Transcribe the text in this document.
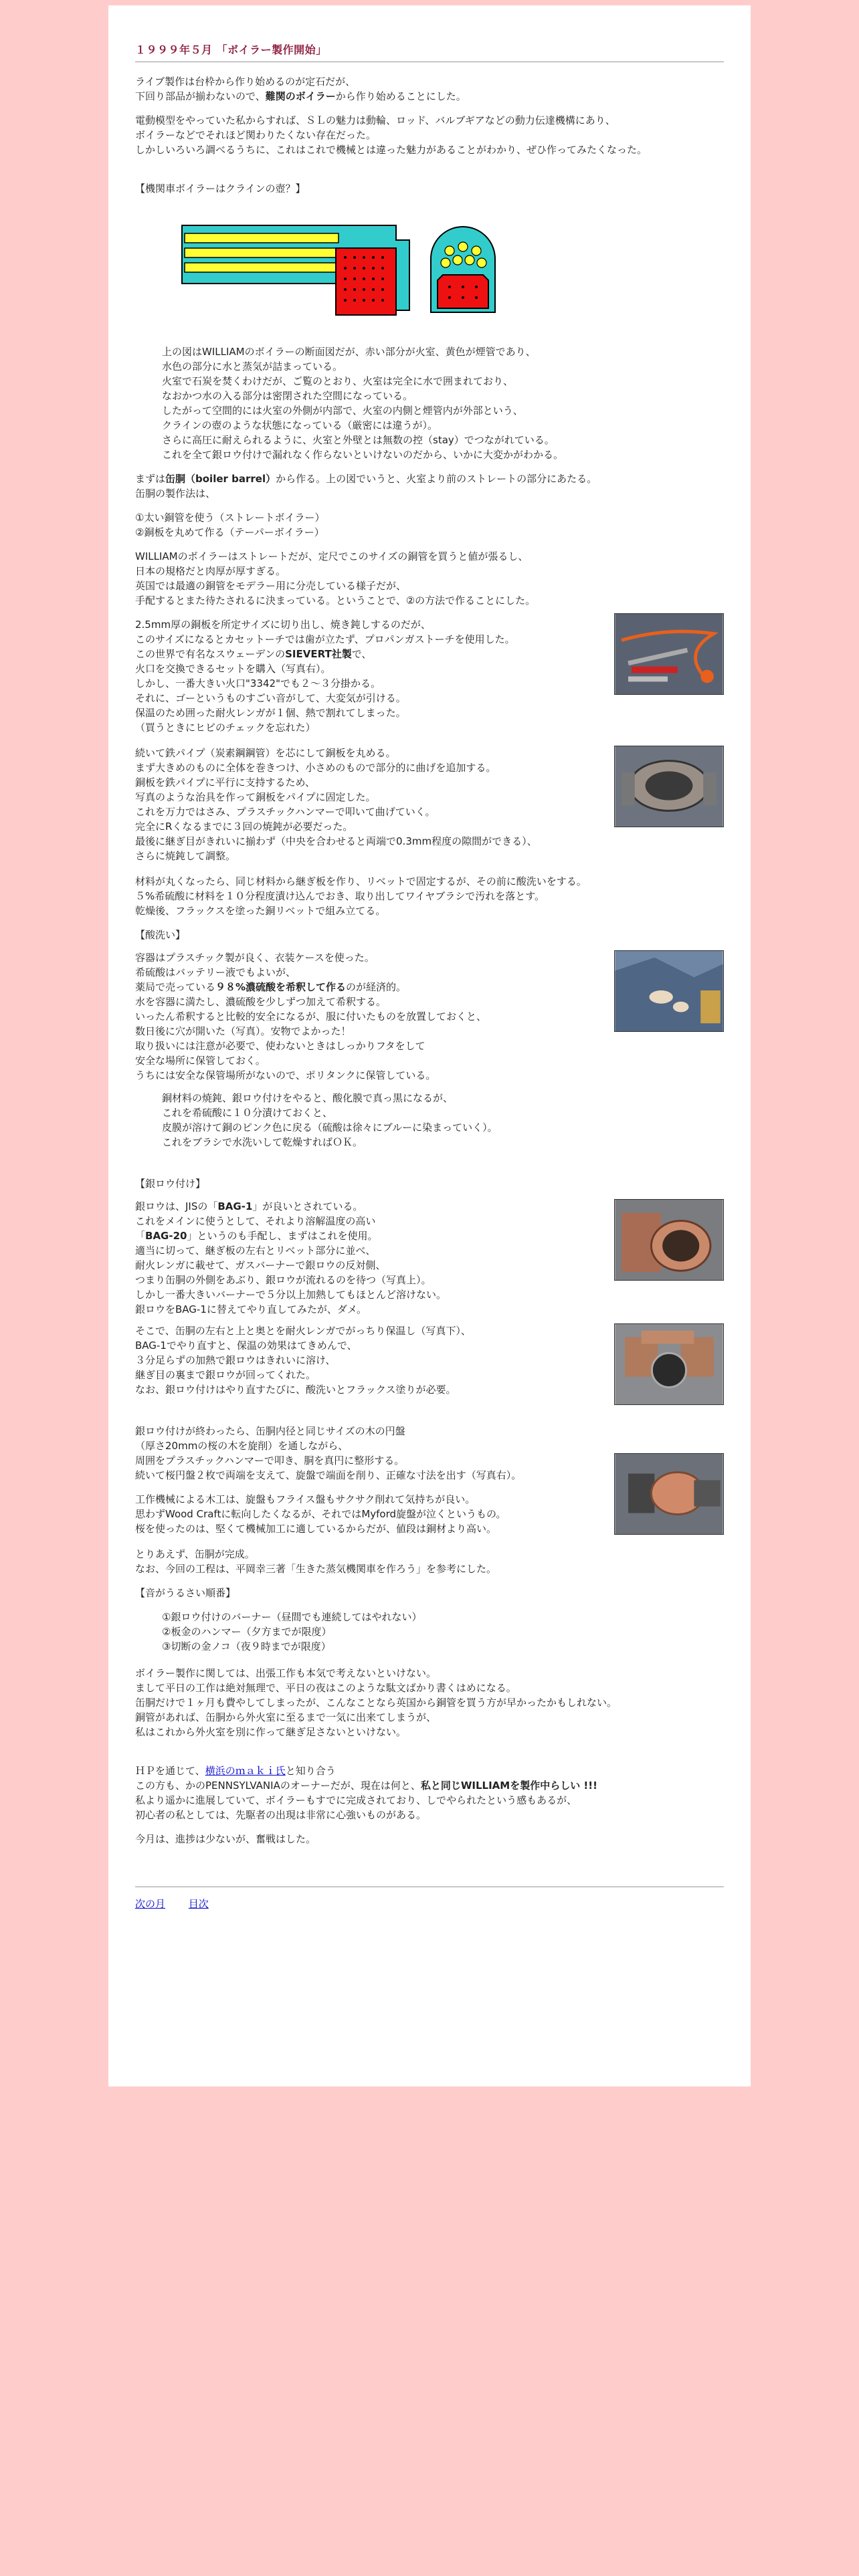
１９９９年５月 「ボイラー製作開始」

ライブ製作は台枠から作り始めるのが定石だが、
下回り部品が揃わないので、難関のボイラーから作り始めることにした。

電動模型をやっていた私からすれば、ＳＬの魅力は動輪、ロッド、バルブギアなどの動力伝達機構にあり、
ボイラーなどでそれほど関わりたくない存在だった。
しかしいろいろ調べるうちに、これはこれで機械とは違った魅力があることがわかり、ぜひ作ってみたくなった。

【機関車ボイラーはクラインの壺？】

上の図はWILLIAMのボイラーの断面図だが、赤い部分が火室、黄色が煙管であり、
水色の部分に水と蒸気が詰まっている。
火室で石炭を焚くわけだが、ご覧のとおり、火室は完全に水で囲まれており、
なおかつ水の入る部分は密閉された空間になっている。
したがって空間的には火室の外側が内部で、火室の内側と煙管内が外部という、
クラインの壺のような状態になっている（厳密には違うが）。
さらに高圧に耐えられるように、火室と外壁とは無数の控（stay）でつながれている。
これを全て銀ロウ付けで漏れなく作らないといけないのだから、いかに大変かがわかる。

まずは缶胴（boiler barrel）から作る。上の図でいうと、火室より前のストレートの部分にあたる。
缶胴の製作法は、

①太い銅管を使う（ストレートボイラー）
②銅板を丸めて作る（テーパーボイラー）

WILLIAMのボイラーはストレートだが、定尺でこのサイズの銅管を買うと値が張るし、
日本の規格だと肉厚が厚すぎる。
英国では最適の銅管をモデラー用に分売している様子だが、
手配するとまた待たされるに決まっている。ということで、②の方法で作ることにした。

2.5mm厚の銅板を所定サイズに切り出し、焼き鈍しするのだが、
このサイズになるとカセットーチでは歯が立たず、プロパンガストーチを使用した。
この世界で有名なスウェーデンのSIEVERT社製で、
火口を交換できるセットを購入（写真右）。
しかし、一番大きい火口"3342"でも２〜３分掛かる。
それに、ゴーというものすごい音がして、大変気が引ける。
保温のため囲った耐火レンガが１個、熱で割れてしまった。
（買うときにヒビのチェックを忘れた）
続いて鉄パイプ（炭素鋼鋼管）を芯にして銅板を丸める。
まず大きめのものに全体を巻きつけ、小さめのもので部分的に曲げを追加する。
銅板を鉄パイプに平行に支持するため、
写真のような治具を作って銅板をパイプに固定した。
これを万力ではさみ、プラスチックハンマーで叩いて曲げていく。
完全にRくなるまでに３回の焼鈍が必要だった。
最後に継ぎ目がきれいに揃わず（中央を合わせると両端で0.3mm程度の隙間ができる）、
さらに焼鈍して調整。

材料が丸くなったら、同じ材料から継ぎ板を作り、リベットで固定するが、その前に酸洗いをする。
５%希硫酸に材料を１０分程度漬け込んでおき、取り出してワイヤブラシで汚れを落とす。
乾燥後、フラックスを塗った銅リベットで組み立てる。

【酸洗い】
容器はプラスチック製が良く、衣装ケースを使った。
希硫酸はバッテリー液でもよいが、
薬局で売っている９８%濃硫酸を希釈して作るのが経済的。
水を容器に満たし、濃硫酸を少しずつ加えて希釈する。
いったん希釈すると比較的安全になるが、服に付いたものを放置しておくと、
数日後に穴が開いた（写真）。安物でよかった！
取り扱いには注意が必要で、使わないときはしっかりフタをして
安全な場所に保管しておく。
うちには安全な保管場所がないので、ポリタンクに保管している。

銅材料の焼鈍、銀ロウ付けをやると、酸化膜で真っ黒になるが、
これを希硫酸に１０分漬けておくと、
皮膜が溶けて銅のピンク色に戻る（硫酸は徐々にブルーに染まっていく）。
これをブラシで水洗いして乾燥すればＯＫ。

【銀ロウ付け】
銀ロウは、JISの「BAG-1」が良いとされている。
これをメインに使うとして、それより溶解温度の高い
「BAG-20」というのも手配し、まずはこれを使用。
適当に切って、継ぎ板の左右とリベット部分に並べ、
耐火レンガに載せて、ガスバーナーで銀ロウの反対側、
つまり缶胴の外側をあぶり、銀ロウが流れるのを待つ（写真上）。
しかし一番大きいバーナーで５分以上加熱してもほとんど溶けない。
銀ロウをBAG-1に替えてやり直してみたが、ダメ。
そこで、缶胴の左右と上と奥とを耐火レンガでがっちり保温し（写真下）、
BAG-1でやり直すと、保温の効果はてきめんで、
３分足らずの加熱で銀ロウはきれいに溶け、
継ぎ目の裏まで銀ロウが回ってくれた。
なお、銀ロウ付けはやり直すたびに、酸洗いとフラックス塗りが必要。
銀ロウ付けが終わったら、缶胴内径と同じサイズの木の円盤
（厚さ20mmの桜の木を旋削）を通しながら、
周囲をプラスチックハンマーで叩き、胴を真円に整形する。
続いて桜円盤２枚で両端を支えて、旋盤で端面を削り、正確な寸法を出す（写真右）。
工作機械による木工は、旋盤もフライス盤もサクサク削れて気持ちが良い。
思わずWood Craftに転向したくなるが、それではMyford旋盤が泣くというもの。
桜を使ったのは、堅くて機械加工に適しているからだが、値段は銅材より高い。

とりあえず、缶胴が完成。
なお、今回の工程は、平岡幸三著「生きた蒸気機関車を作ろう」を参考にした。

【音がうるさい順番】

①銀ロウ付けのバーナー（昼間でも連続してはやれない）
②板金のハンマー（夕方までが限度）
③切断の金ノコ（夜９時までが限度）

ボイラー製作に関しては、出張工作も本気で考えないといけない。
まして平日の工作は絶対無理で、平日の夜はこのような駄文ばかり書くはめになる。
缶胴だけで１ヶ月も費やしてしまったが、こんなことなら英国から銅管を買う方が早かったかもしれない。
銅管があれば、缶胴から外火室に至るまで一気に出来てしまうが、
私はこれから外火室を別に作って継ぎ足さないといけない。

ＨＰを通じて、横浜のｍａｋｉ氏と知り合う
この方も、かのPENNSYLVANIAのオーナーだが、現在は何と、私と同じWILLIAMを製作中らしい !!!
私より遥かに進展していて、ボイラーもすでに完成されており、しでやられたという感もあるが、
初心者の私としては、先駆者の出現は非常に心強いものがある。

今月は、進捗は少ないが、奮戦はした。

次の月 目次
